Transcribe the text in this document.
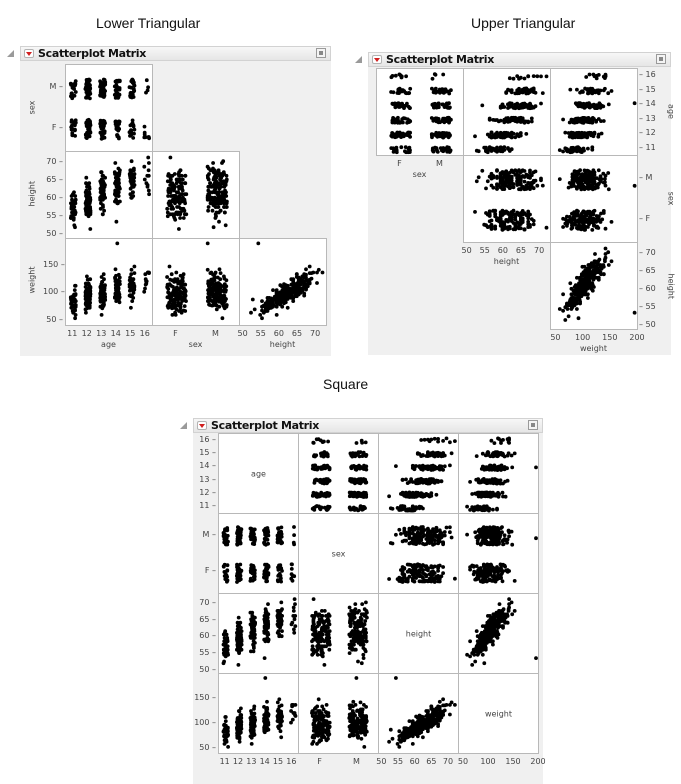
Lower Triangular	Upper Triangular
Square
Scatterplot Matrix
M –
F –
sex
70 –
65 –
60 –
55 –
50 –
height
150 –
100 –
50 –
weight
11 12 13 14 15 16
age
F	M
sex
50 55 60 65 70
height
Scatterplot Matrix
– 16
– 15
– 14
– 13
– 12
– 11
age
– M
– F
sex
– 70
– 65
– 60
– 55
– 50
height
F	M
sex
50 55 60 65 70
height
50	100 150 200
weight
Scatterplot Matrix
age
16 –
15 –
14 –
13 –
12 –
11 –
sex
M –
F –
height
70 –
65 –
60 –
55 –
50 –
weight
150 –
100 –
50 –
11 12 13 14 15 16	F	M	50 55 60 65 70 50	100 150 200
